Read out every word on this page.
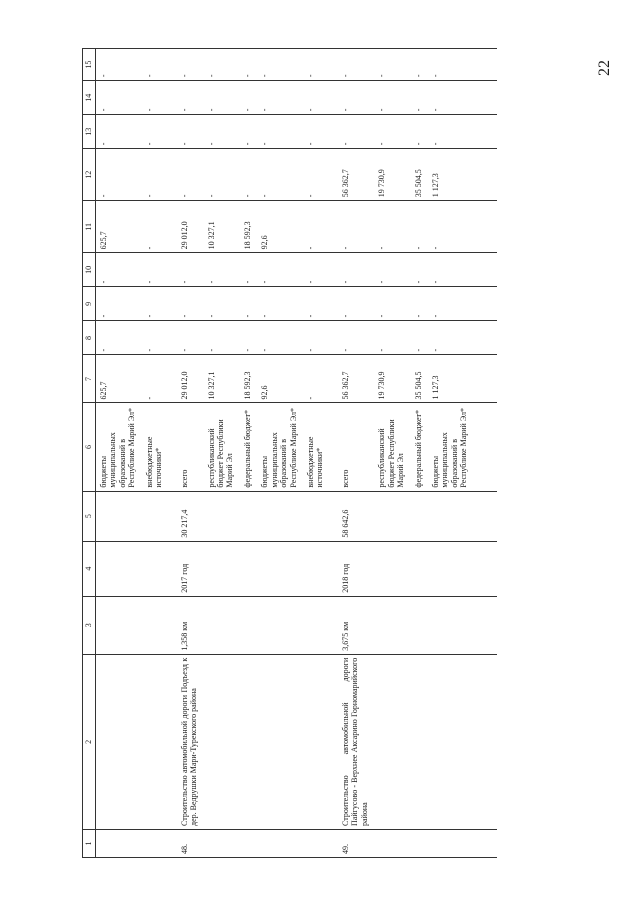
22
1	2	3	4	5	6	7	8	9	10	11	12	13	14	15
					бюджеты муниципальных образований в Республике Марий Эл*	625,7	-	-	-	625,7	-	-	-	-
					внебюджетные источники*	-	-	-	-	-	-	-	-	-
48.	Строительство автомобильной дороги Подъезд к дер. Ведрушки Мари-Турекского района	1,358 км	2017 год	30 217,4	всего	29 012,0	-	-	-	29 012,0	-	-	-	-
					республиканский бюджет Республики Марий Эл	10 327,1	-	-	-	10 327,1	-	-	-	-
					федеральный бюджет*	18 592,3	-	-	-	18 592,3	-	-	-	-
					бюджеты муниципальных образований в Республике Марий Эл*	92,6	-	-	-	92,6	-	-	-	-
					внебюджетные источники*	-	-	-	-	-	-	-	-	-
49.	Строительство автомобильной дороги Пайгусово - Верхнее Аксарино Горномарийского района	3,675 км	2018 год	58 642,6	всего	56 362,7	-	-	-	-	56 362,7	-	-	-
					республиканский бюджет Республики Марий Эл	19 730,9	-	-	-	-	19 730,9	-	-	-
					федеральный бюджет*	35 504,5	-	-	-	-	35 504,5	-	-	-
					бюджеты муниципальных образований в Республике Марий Эл*	1 127,3	-	-	-	-	1 127,3	-	-	-
